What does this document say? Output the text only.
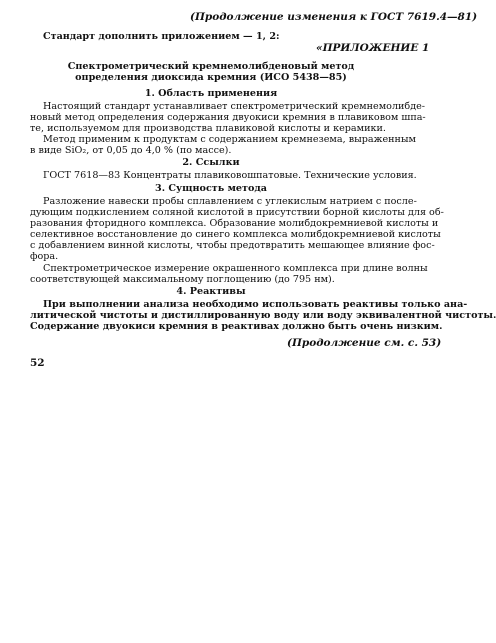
(Продолжение изменения к ГОСТ 7619.4—81)
Стандарт дополнить приложением — 1, 2:
«ПРИЛОЖЕНИЕ 1
Спектрометрический кремнемолибденовый метод
определения диоксида кремния (ИСО 5438—85)
1. Область применения
Настоящий стандарт устанавливает спектрометрический кремнемолибде-
новый метод определения содержания двуокиси кремния в плавиковом шпа-
те, используемом для производства плавиковой кислоты и керамики.
Метод применим к продуктам с содержанием кремнезема, выраженным
в виде SiO₂, от 0,05 до 4,0 % (по массе).
2. Ссылки
ГОСТ 7618—83 Концентраты плавиковошпатовые. Технические условия.
3. Сущность метода
Разложение навески пробы сплавлением с углекислым натрием с после-
дующим подкислением соляной кислотой в присутствии борной кислоты для об-
разования фторидного комплекса. Образование молибдокремниевой кислоты и
селективное восстановление до синего комплекса молибдокремниевой кислоты
с добавлением винной кислоты, чтобы предотвратить мешающее влияние фос-
фора.
Спектрометрическое измерение окрашенного комплекса при длине волны
соответствующей максимальному поглощению (до 795 нм).
4. Реактивы
При выполнении анализа необходимо использовать реактивы только ана-
литической чистоты и дистиллированную воду или воду эквивалентной чистоты.
Содержание двуокиси кремния в реактивах должно быть очень низким.
(Продолжение см. с. 53)
52
